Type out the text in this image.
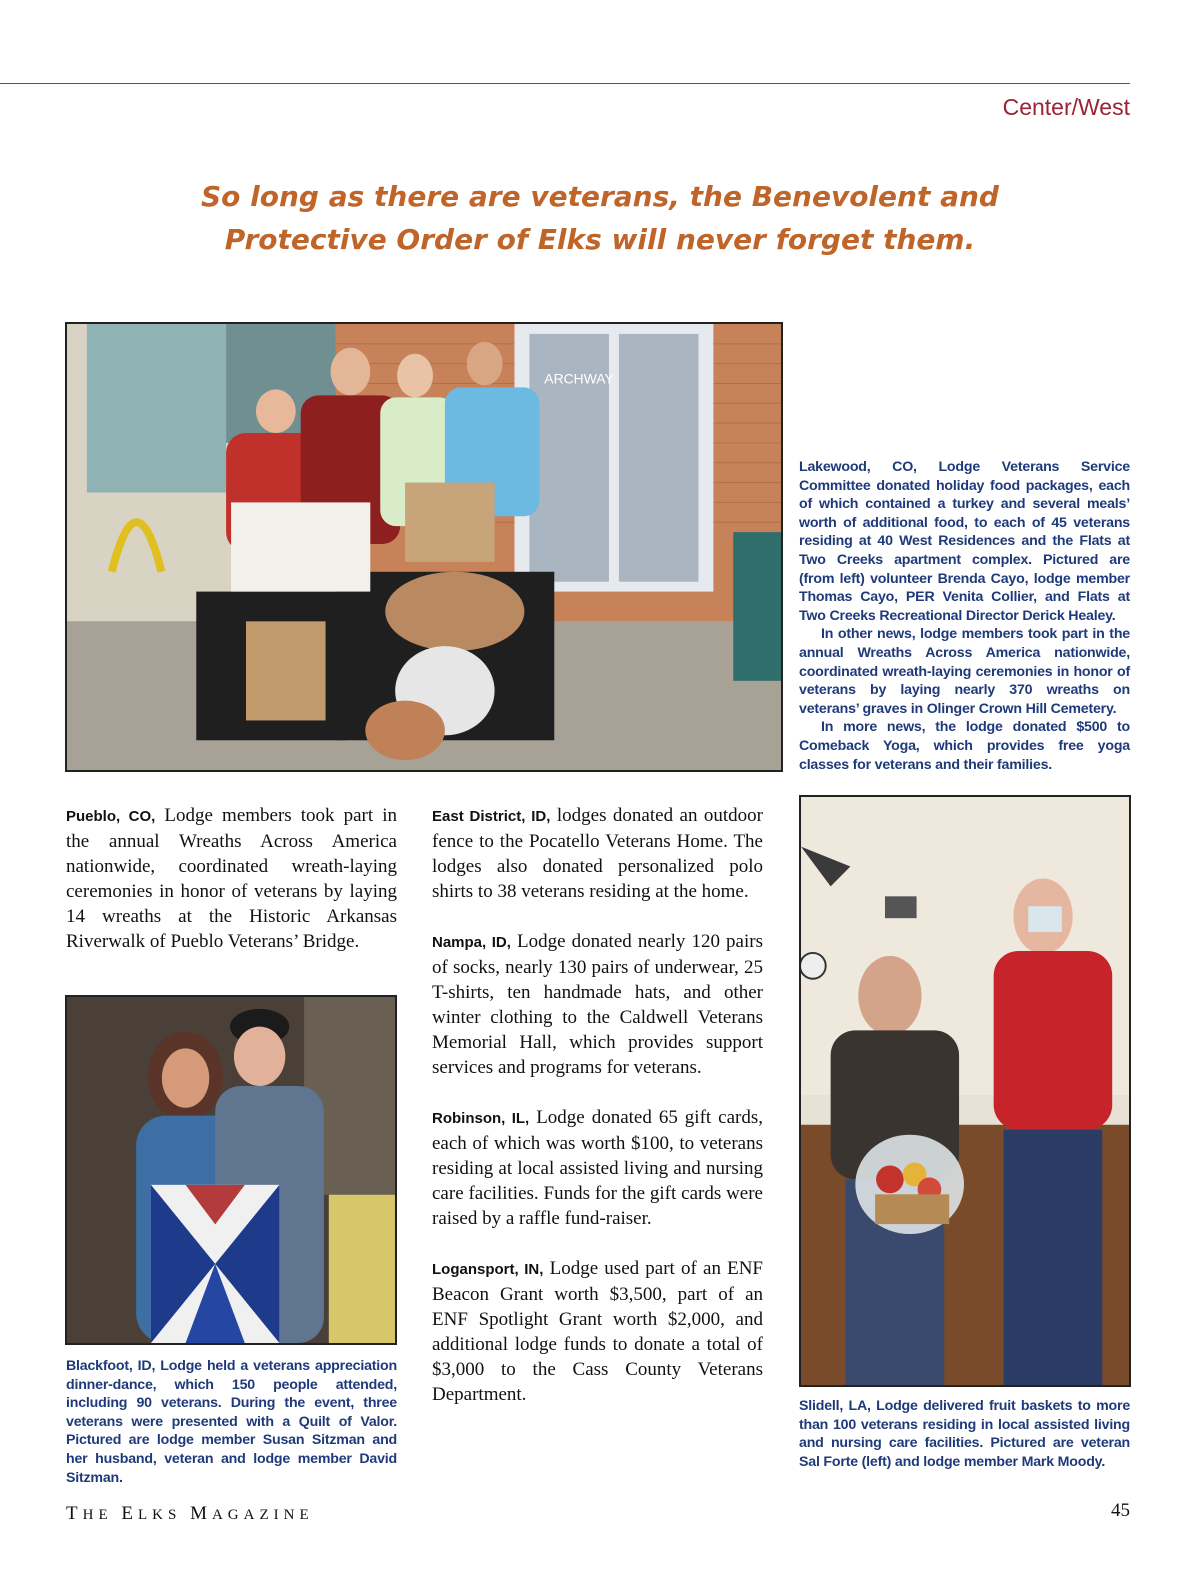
Center/West
So long as there are veterans, the Benevolent and
Protective Order of Elks will never forget them.
ARCHWAY

Lakewood, CO, Lodge Veterans Service Committee donated holiday food packages, each of which contained a turkey and several meals’ worth of additional food, to each of 45 veterans residing at 40 West Residences and the Flats at Two Creeks apartment complex. Pictured are (from left) volunteer Brenda Cayo, lodge member Thomas Cayo, PER Venita Collier, and Flats at Two Creeks Recreational Director Derick Healey.

In other news, lodge members took part in the annual Wreaths Across America nationwide, coordinated wreath-laying ceremonies in honor of veterans by laying nearly 370 wreaths on veterans’ graves in Olinger Crown Hill Cemetery.

In more news, the lodge donated $500 to Comeback Yoga, which provides free yoga classes for veterans and their families.

Pueblo, CO, Lodge members took part in the annual Wreaths Across America nationwide, coordinated wreath-laying ceremonies in honor of veterans by laying 14 wreaths at the Historic Arkansas Riverwalk of Pueblo Veterans’ Bridge.

Blackfoot, ID, Lodge held a veterans appreciation dinner-dance, which 150 people attended, including 90 veterans. During the event, three veterans were presented with a Quilt of Valor. Pictured are lodge member Susan Sitzman and her husband, veteran and lodge member David Sitzman.

East District, ID, lodges donated an outdoor fence to the Pocatello Veterans Home. The lodges also donated personalized polo shirts to 38 veterans residing at the home.

Nampa, ID, Lodge donated nearly 120 pairs of socks, nearly 130 pairs of underwear, 25 T-shirts, ten handmade hats, and other winter clothing to the Caldwell Veterans Memorial Hall, which provides support services and programs for veterans.

Robinson, IL, Lodge donated 65 gift cards, each of which was worth $100, to veterans residing at local assisted living and nursing care facilities. Funds for the gift cards were raised by a raffle fund-raiser.

Logansport, IN, Lodge used part of an ENF Beacon Grant worth $3,500, part of an ENF Spotlight Grant worth $2,000, and additional lodge funds to donate a total of $3,000 to the Cass County Veterans Department.

Slidell, LA, Lodge delivered fruit baskets to more than 100 veterans residing in local assisted living and nursing care facilities. Pictured are veteran Sal Forte (left) and lodge member Mark Moody.

THE ELKS MAGAZINE	45
